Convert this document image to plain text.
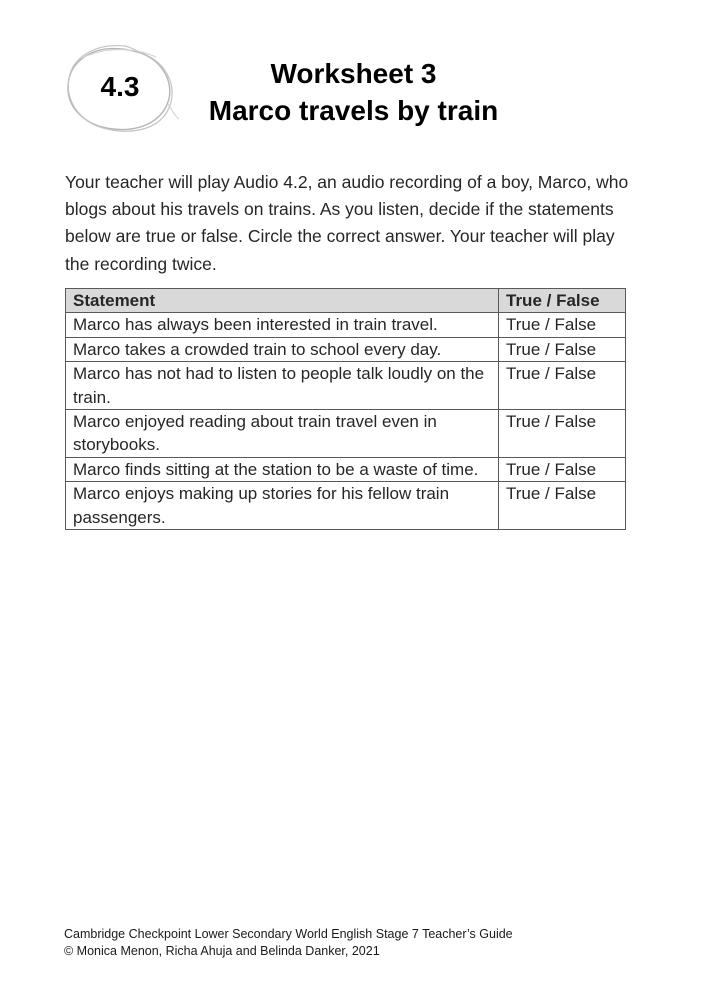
4.3	Worksheet 3
Marco travels by train
Your teacher will play Audio 4.2, an audio recording of a boy, Marco, who
blogs about his travels on trains. As you listen, decide if the statements
below are true or false. Circle the correct answer. Your teacher will play
the recording twice.
Statement	True / False
Marco has always been interested in train travel.	True / False
Marco takes a crowded train to school every day.	True / False
Marco has not had to listen to people talk loudly on the train.	True / False
Marco enjoyed reading about train travel even in storybooks.	True / False
Marco finds sitting at the station to be a waste of time.	True / False
Marco enjoys making up stories for his fellow train passengers.	True / False
Cambridge Checkpoint Lower Secondary World English Stage 7 Teacher’s Guide
© Monica Menon, Richa Ahuja and Belinda Danker, 2021
